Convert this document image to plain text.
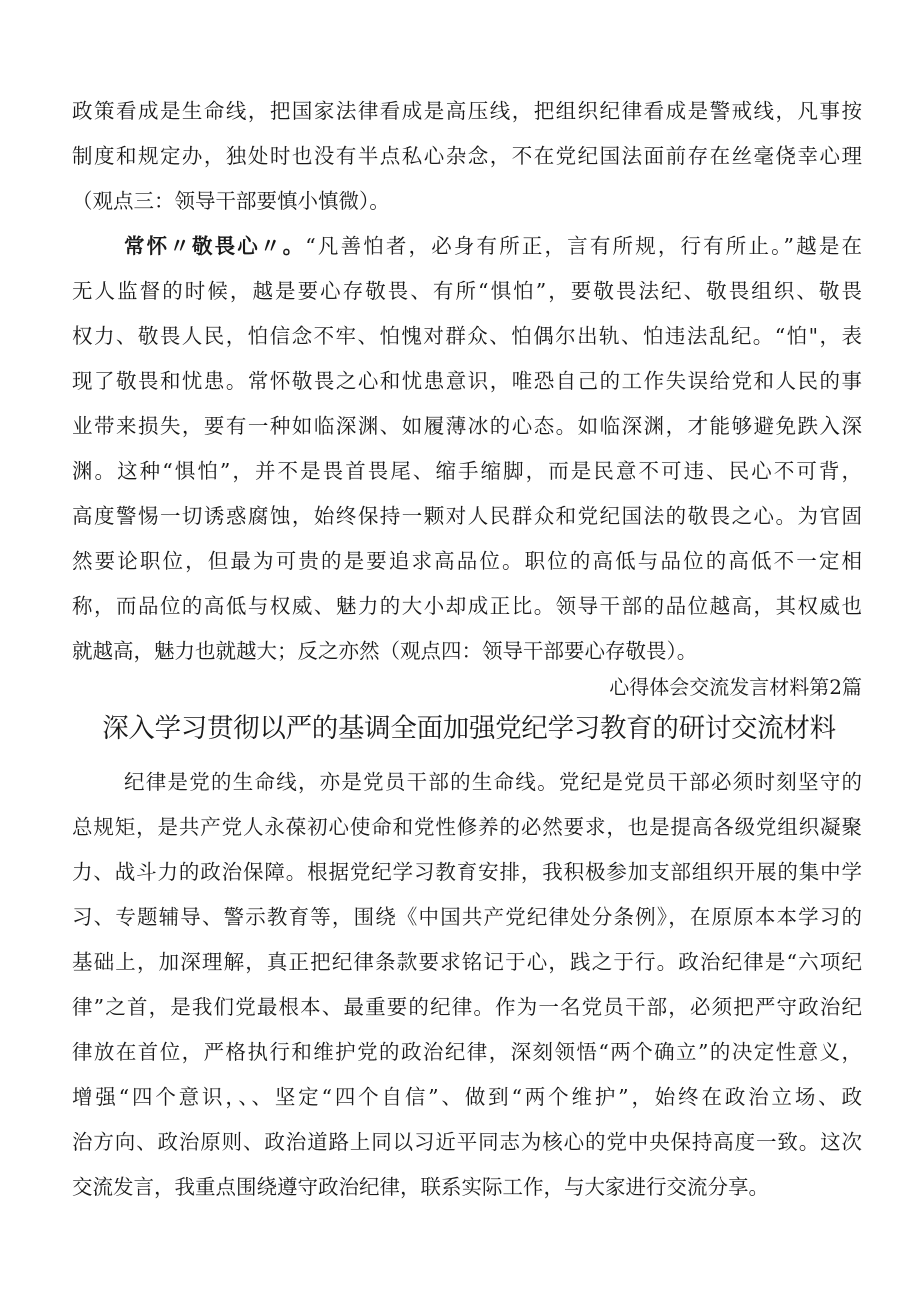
政策看成是生命线，把国家法律看成是高压线，把组织纪律看成是警戒线，凡事按
制度和规定办，独处时也没有半点私心杂念，不在党纪国法面前存在丝毫侥幸心理
（观点三：领导干部要慎小慎微）。
常怀〃敬畏心〃。“凡善怕者，必身有所正，言有所规，行有所止。”越是在
无人监督的时候，越是要心存敬畏、有所“惧怕”，要敬畏法纪、敬畏组织、敬畏
权力、敬畏人民，怕信念不牢、怕愧对群众、怕偶尔出轨、怕违法乱纪。“怕"，表
现了敬畏和忧患。常怀敬畏之心和忧患意识，唯恐自己的工作失误给党和人民的事
业带来损失，要有一种如临深渊、如履薄冰的心态。如临深渊，才能够避免跌入深
渊。这种“惧怕”，并不是畏首畏尾、缩手缩脚，而是民意不可违、民心不可背，
高度警惕一切诱惑腐蚀，始终保持一颗对人民群众和党纪国法的敬畏之心。为官固
然要论职位，但最为可贵的是要追求高品位。职位的高低与品位的高低不一定相
称，而品位的高低与权威、魅力的大小却成正比。领导干部的品位越高，其权威也
就越高，魅力也就越大；反之亦然（观点四：领导干部要心存敬畏）。
心得体会交流发言材料第2篇
深入学习贯彻以严的基调全面加强党纪学习教育的研讨交流材料
纪律是党的生命线，亦是党员干部的生命线。党纪是党员干部必须时刻坚守的
总规矩，是共产党人永葆初心使命和党性修养的必然要求，也是提高各级党组织凝聚
力、战斗力的政治保障。根据党纪学习教育安排，我积极参加支部组织开展的集中学
习、专题辅导、警示教育等，围绕《中国共产党纪律处分条例》，在原原本本学习的
基础上，加深理解，真正把纪律条款要求铭记于心，践之于行。政治纪律是“六项纪
律”之首，是我们党最根本、最重要的纪律。作为一名党员干部，必须把严守政治纪
律放在首位，严格执行和维护党的政治纪律，深刻领悟“两个确立”的决定性意义，
增强“四个意识，、、坚定“四个自信”、做到“两个维护”，始终在政治立场、政
治方向、政治原则、政治道路上同以习近平同志为核心的党中央保持高度一致。这次
交流发言，我重点围绕遵守政治纪律，联系实际工作，与大家进行交流分享。
